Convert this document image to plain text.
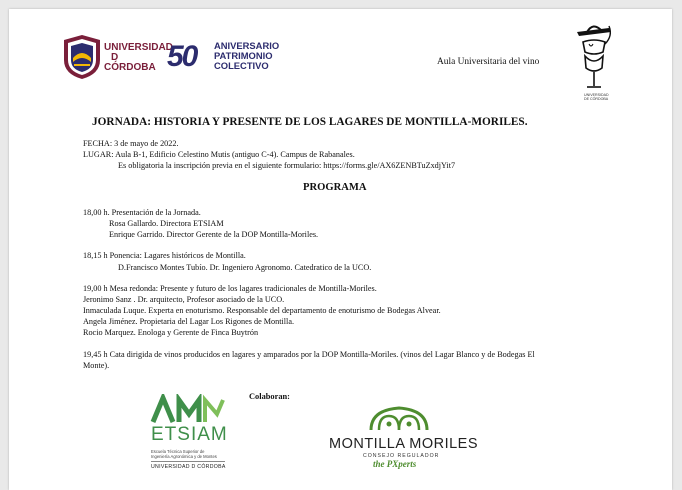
UNIVERSIDAD
D
CÓRDOBA 50 ANIVERSARIO
PATRIMONIO
COLECTIVO	Aula Universitaria del vino
UNIVERSIDAD
DE CÓRDOBA
JORNADA: HISTORIA Y PRESENTE DE LOS LAGARES DE MONTILLA-MORILES.
FECHA: 3 de mayo de 2022.
LUGAR: Aula B-1, Edificio Celestino Mutis (antiguo C-4). Campus de Rabanales.
Es obligatoria la inscripción previa en el siguiente formulario: https://forms.gle/AX6ZENBTuZxdjYit7
PROGRAMA
18,00 h. Presentación de la Jornada.
Rosa Gallardo. Directora ETSIAM
Enrique Garrido. Director Gerente de la DOP Montilla-Moriles.
18,15 h Ponencia: Lagares históricos de Montilla.
D.Francisco Montes Tubío. Dr. Ingeniero Agronomo. Catedratico de la UCO.
19,00 h Mesa redonda: Presente y futuro de los lagares tradicionales de Montilla-Moriles.
Jeronimo Sanz . Dr. arquitecto, Profesor asociado de la UCO.
Inmaculada Luque. Experta en enoturismo. Responsable del departamento de enoturismo de Bodegas Alvear.
Angela Jiménez. Propietaria del Lagar Los Rigones de Montilla.
Rocio Marquez. Enologa y Gerente de Finca Buytrón
19,45 h Cata dirigida de vinos producidos en lagares y amparados por la DOP Montilla-Moriles. (vinos del Lagar Blanco y de Bodegas El
Monte).
Colaboran:
ETSIAM
Escuela Técnica Superior de
Ingeniería Agronómica y de Montes
UNIVERSIDAD D CÓRDOBA
MONTILLA MORILES
CONSEJO REGULADOR
the PXperts
